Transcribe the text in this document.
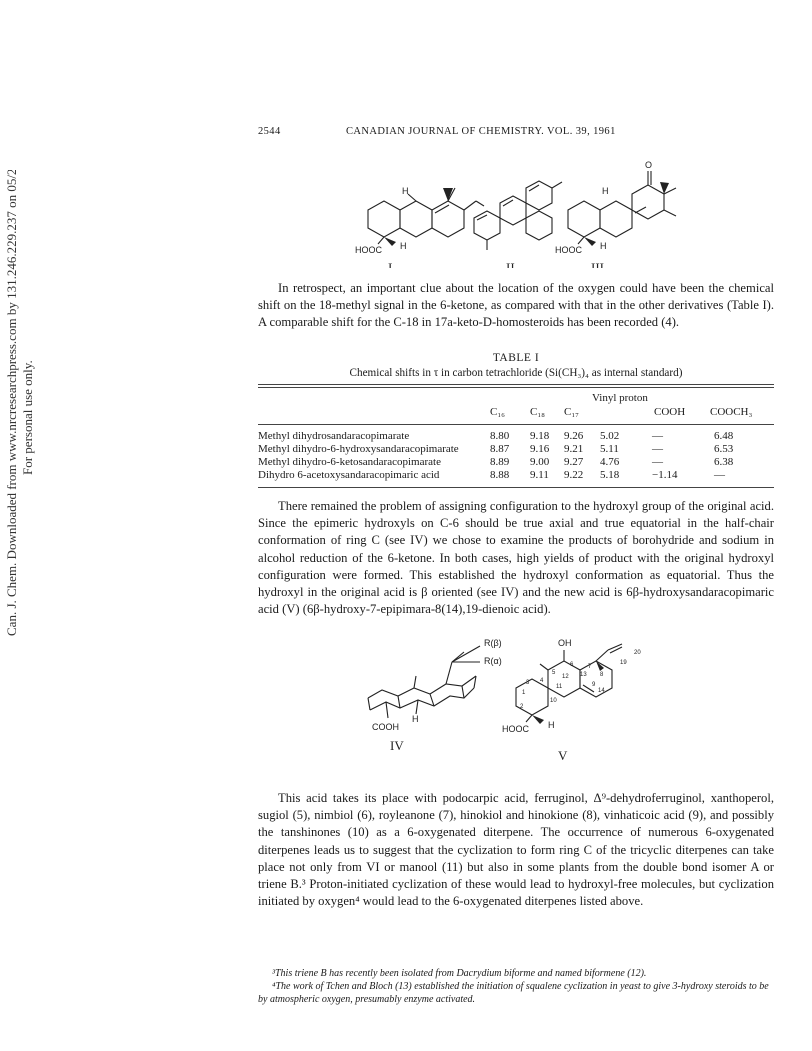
Can. J. Chem. Downloaded from www.nrcresearchpress.com by 131.246.229.237 on 05/21/14 For personal use only.
2544	CANADIAN JOURNAL OF CHEMISTRY. VOL. 39, 1961
HOOC H
H
I	II
O
HOOC H
H
III
In retrospect, an important clue about the location of the oxygen could have been the chemical shift on the 18-methyl signal in the 6-ketone, as compared with that in the other derivatives (Table I). A comparable shift for the C-18 in 17a-keto-D-homosteroids has been recorded (4).
TABLE I
Chemical shifts in τ in carbon tetrachloride (Si(CH₃)₄ as internal standard)
Vinyl proton
C₁₆ C₁₈ C₁₇	COOH COOCH₃
Methyl dihydrosandaracopimarate	8.80 9.18 9.26 5.02	—	6.48
Methyl dihydro-6-hydroxysandaracopimarate	8.87 9.16 9.21 5.11	—	6.53
Methyl dihydro-6-ketosandaracopimarate	8.89 9.00 9.27 4.76	—	6.38
Dihydro 6-acetoxysandaracopimaric acid	8.88 9.11 9.22 5.18	−1.14	—
There remained the problem of assigning configuration to the hydroxyl group of the original acid. Since the epimeric hydroxyls on C-6 should be true axial and true equatorial in the half-chair conformation of ring C (see IV) we chose to examine the products of borohydride and sodium in alcohol reduction of the 6-ketone. In both cases, high yields of product with the original hydroxyl configuration were formed. This established the hydroxyl conformation as equatorial. Thus the hydroxyl in the original acid is β oriented (see IV) and the new acid is 6β-hydroxysandaracopimaric acid (V) (6β-hydroxy-7-epipimara-8(14),19-dienoic acid).
R(β)
R(α)
COOH
H
IV
OH
HOOC H
1
2
3 4
5
6 7
8
9
10
11
12 13
14
19
20
V
This acid takes its place with podocarpic acid, ferruginol, Δ⁹-dehydroferruginol, xanthoperol, sugiol (5), nimbiol (6), royleanone (7), hinokiol and hinokione (8), vinhaticoic acid (9), and possibly the tanshinones (10) as a 6-oxygenated diterpene. The occurrence of numerous 6-oxygenated diterpenes leads us to suggest that the cyclization to form ring C of the tricyclic diterpenes can take place not only from VI or manool (11) but also in some plants from the double bond isomer A or triene B.³ Proton-initiated cyclization of these would lead to hydroxyl-free molecules, but cyclization initiated by oxygen⁴ would lead to the 6-oxygenated diterpenes listed above.
³This triene B has recently been isolated from Dacrydium biforme and named biformene (12).
⁴The work of Tchen and Bloch (13) established the initiation of squalene cyclization in yeast to give 3-hydroxy steroids to be by atmospheric oxygen, presumably enzyme activated.
